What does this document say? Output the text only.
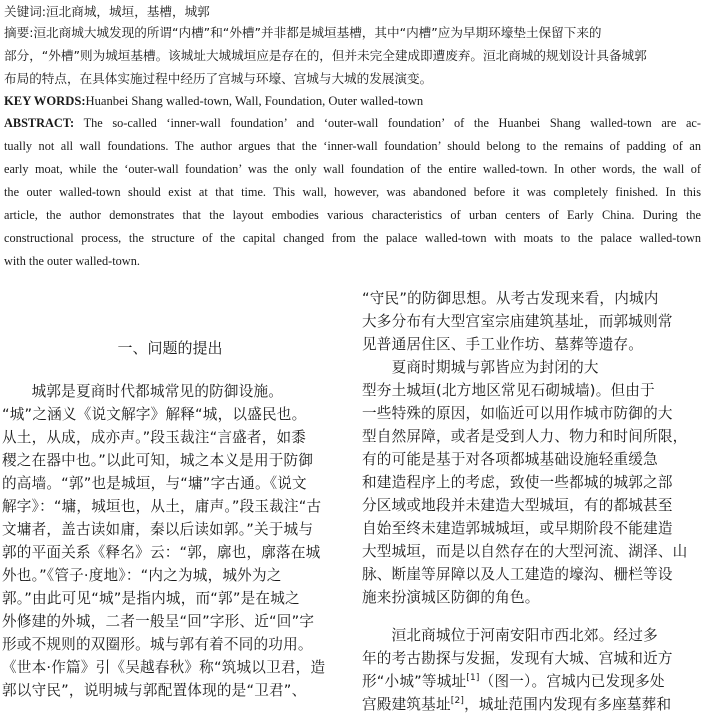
关键词:洹北商城，城垣，基槽，城郭
摘要:洹北商城大城发现的所谓“内槽”和“外槽”并非都是城垣基槽，其中“内槽”应为早期环壕垫土保留下来的
部分，“外槽”则为城垣基槽。该城址大城城垣应是存在的，但并未完全建成即遭废弃。洹北商城的规划设计具备城郭
布局的特点，在具体实施过程中经历了宫城与环壕、宫城与大城的发展演变。
KEY WORDS:Huanbei Shang walled-town, Wall, Foundation, Outer walled-town
ABSTRACT: The so-called ‘inner-wall foundation’ and ‘outer-wall foundation’ of the Huanbei Shang walled-town are ac-
tually not all wall foundations. The author argues that the ‘inner-wall foundation’ should belong to the remains of padding of an
early moat, while the ‘outer-wall foundation’ was the only wall foundation of the entire walled-town. In other words, the wall of
the outer walled-town should exist at that time. This wall, however, was abandoned before it was completely finished. In this
article, the author demonstrates that the layout embodies various characteristics of urban centers of Early China. During the
constructional process, the structure of the capital changed from the palace walled-town with moats to the palace walled-town
with the outer walled-town.
一、问题的提出
　　城郭是夏商时代都城常见的防御设施。
“城”之涵义《说文解字》解释“城，以盛民也。
从土，从成，成亦声。”段玉裁注“言盛者，如黍
稷之在器中也。”以此可知，城之本义是用于防御
的高墙。“郭”也是城垣，与“墉”字古通。《说文
解字》：“墉，城垣也，从土，庸声。”段玉裁注“古
文墉者，盖古读如庸，秦以后读如郭。”关于城与
郭的平面关系《释名》云：“郭，廓也，廓落在城
外也。”《管子·度地》：“内之为城，城外为之
郭。”由此可见“城”是指内城，而“郭”是在城之
外修建的外城，二者一般呈“回”字形、近“回”字
形或不规则的双圈形。城与郭有着不同的功用。
《世本·作篇》引《吴越春秋》称“筑城以卫君，造
郭以守民”，说明城与郭配置体现的是“卫君”、
“守民”的防御思想。从考古发现来看，内城内
大多分布有大型宫室宗庙建筑基址，而郭城则常
见普通居住区、手工业作坊、墓葬等遗存。
　　夏商时期城与郭皆应为封闭的大
型夯土城垣(北方地区常见石砌城墙)。但由于
一些特殊的原因，如临近可以用作城市防御的大
型自然屏障，或者是受到人力、物力和时间所限，
有的可能是基于对各项都城基础设施轻重缓急
和建造程序上的考虑，致使一些都城的城郭之部
分区域或地段并未建造大型城垣，有的都城甚至
自始至终未建造郭城城垣，或早期阶段不能建造
大型城垣，而是以自然存在的大型河流、湖泽、山
脉、断崖等屏障以及人工建造的壕沟、栅栏等设
施来扮演城区防御的角色。
　　洹北商城位于河南安阳市西北郊。经过多
年的考古勘探与发掘，发现有大城、宫城和近方
形“小城”等城址[1]（图一）。宫城内已发现多处
宫殿建筑基址[2]，城址范围内发现有多座墓葬和
